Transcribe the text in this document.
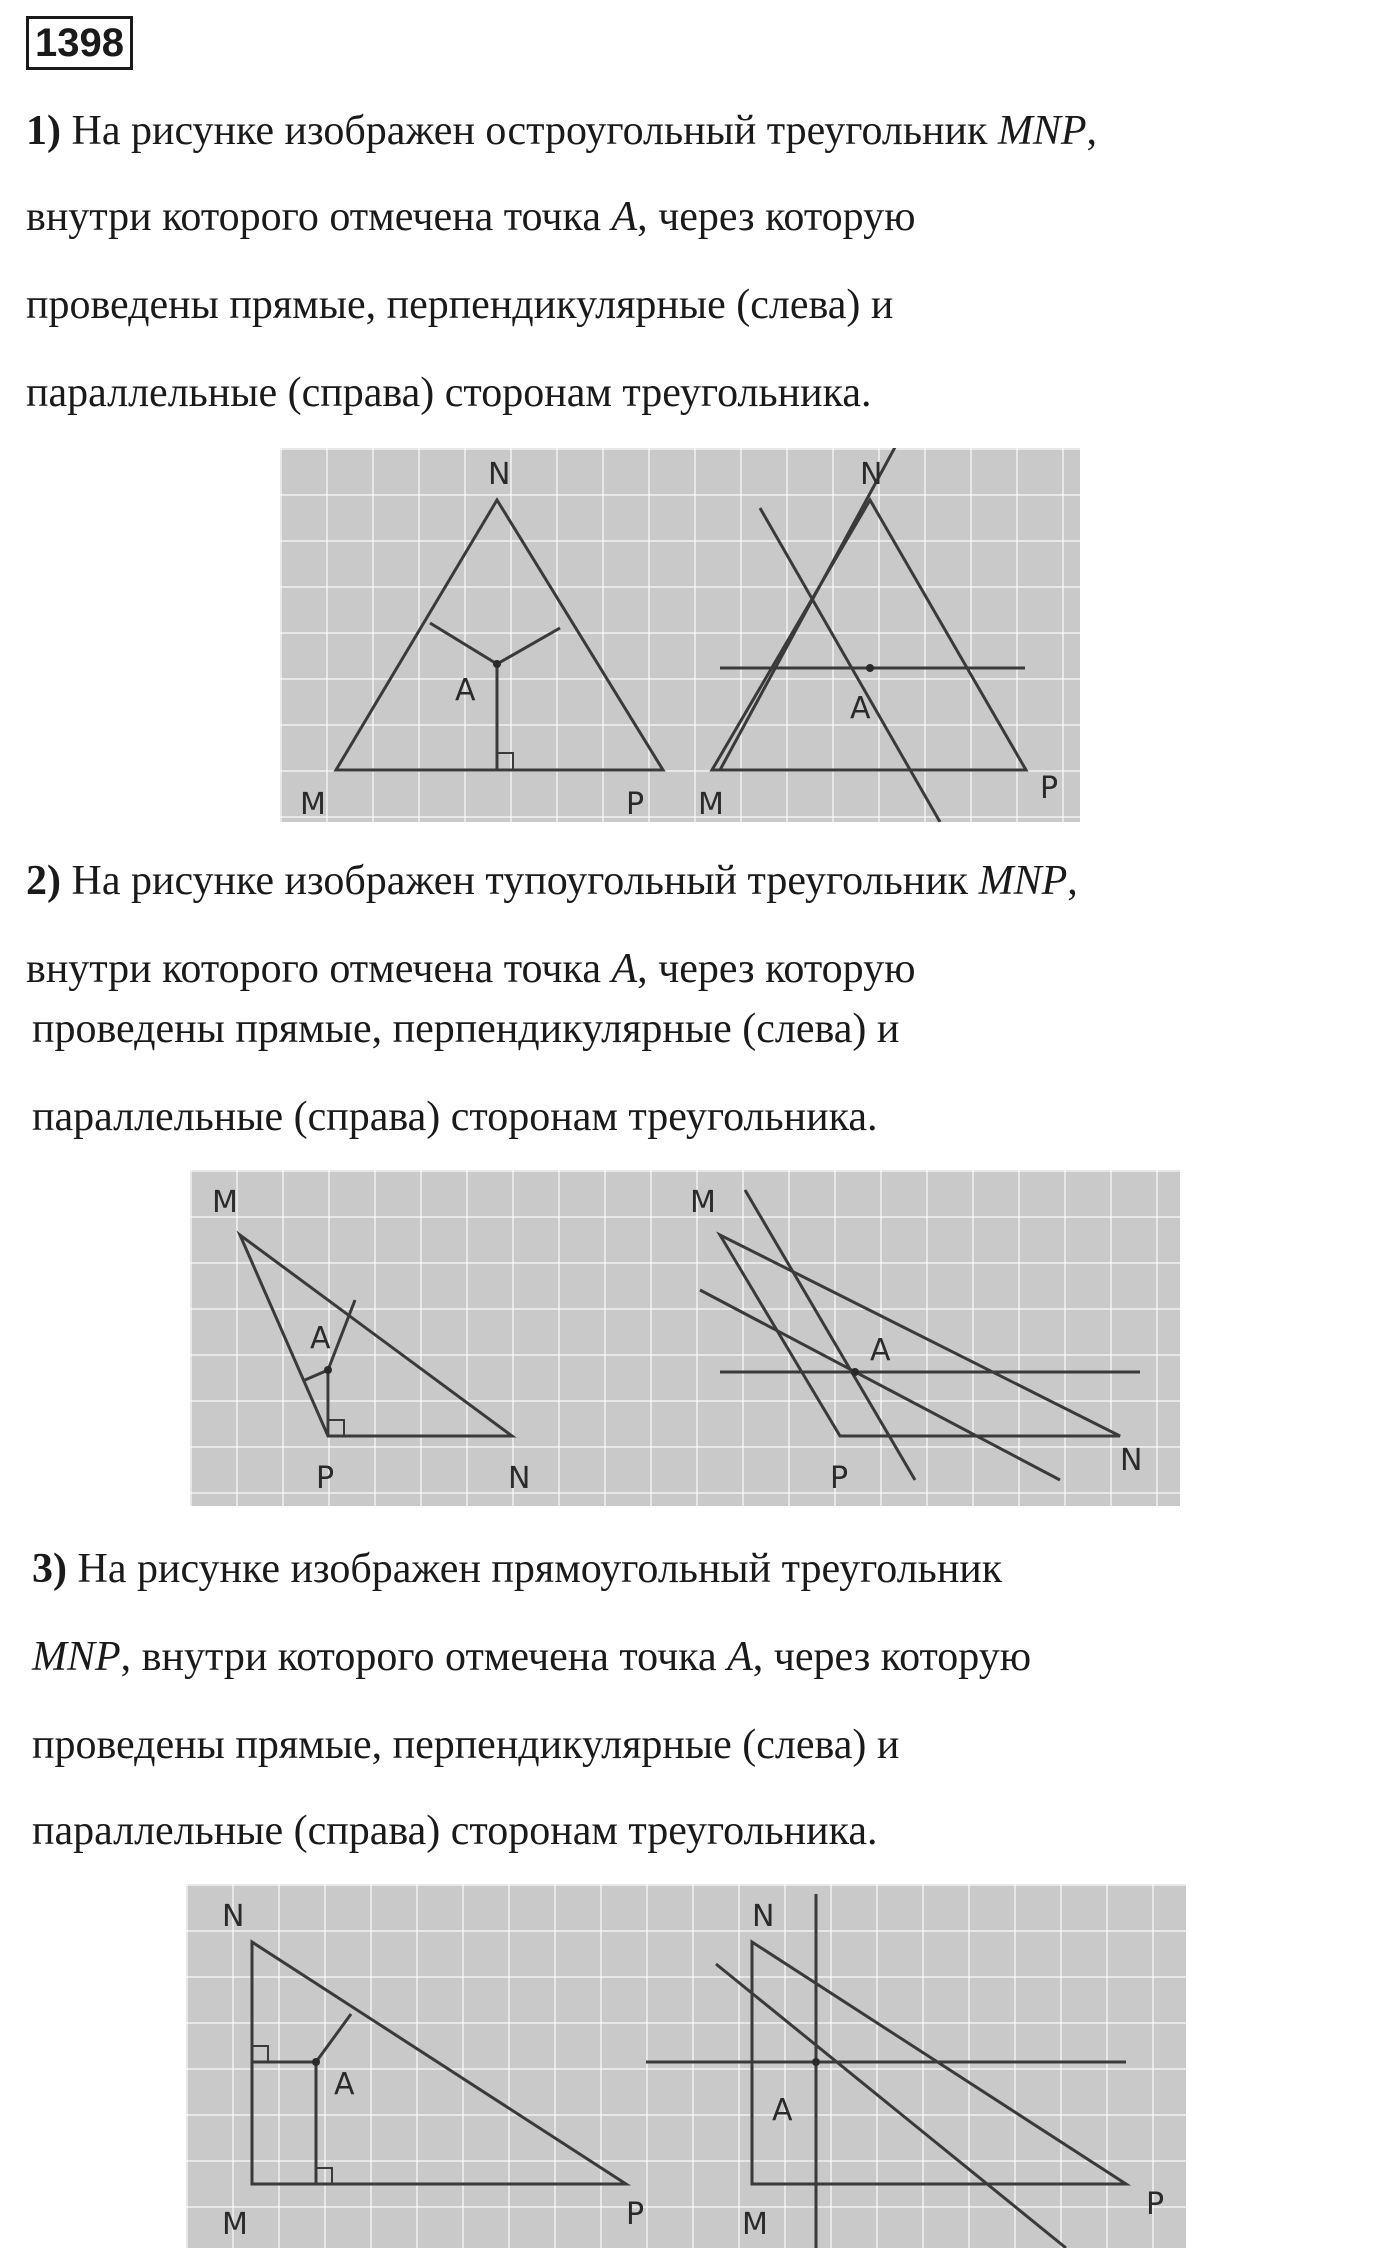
1398
1) На рисунке изображен остроугольный треугольник MNP,
внутри которого отмечена точка A, через которую
проведены прямые, перпендикулярные (слева) и
параллельные (справа) сторонам треугольника.
N
A
M	P
N
A
M	P
2) На рисунке изображен тупоугольный треугольник MNP,
внутри которого отмечена точка A, через которую
проведены прямые, перпендикулярные (слева) и
параллельные (справа) сторонам треугольника.
M
A
P	N
M
A
P
N
3) На рисунке изображен прямоугольный треугольник
MNP, внутри которого отмечена точка A, через которую
проведены прямые, перпендикулярные (слева) и
параллельные (справа) сторонам треугольника.
N
A
M	P
N
A
M
P
